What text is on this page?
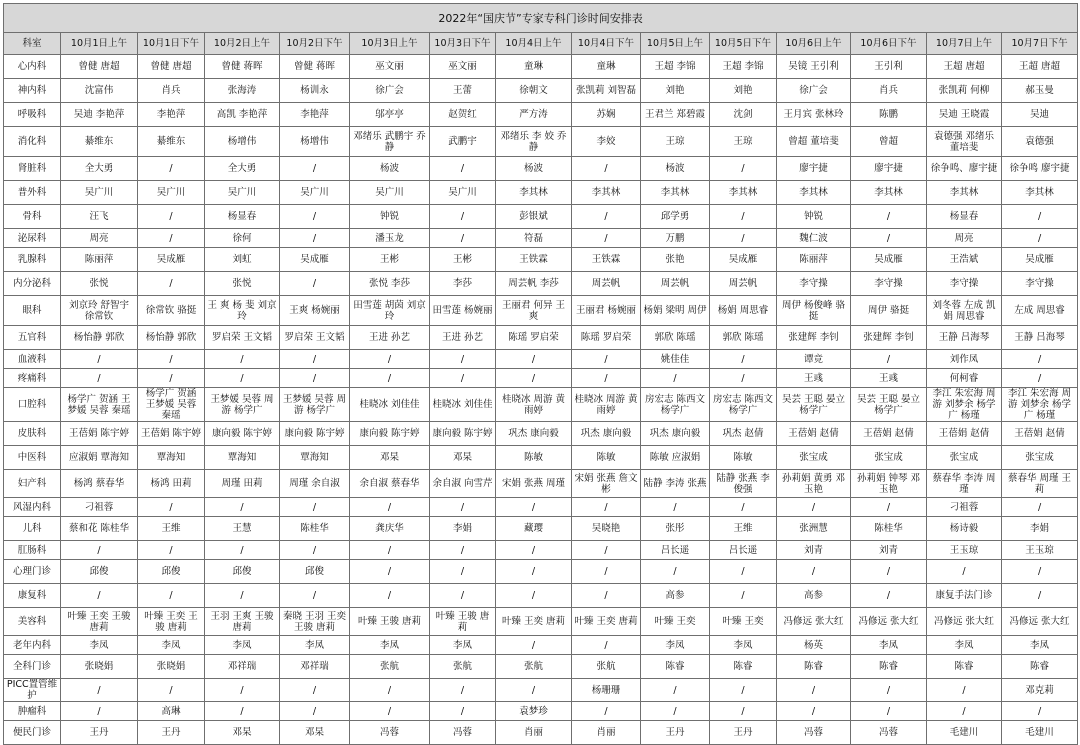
2022年“国庆节”专家专科门诊时间安排表														
科室	10月1日上午	10月1日下午	10月2日上午	10月2日下午	10月3日上午	10月3日下午	10月4日上午	10月4日下午	10月5日上午	10月5日下午	10月6日上午	10月6日下午	10月7日上午	10月7日下午
心内科	曾健 唐超	曾健 唐超	曾健 蒋晖	曾健 蒋晖	巫文丽	巫文丽	童琳	童琳	王超 李锦	王超 李锦	吴镜 王引利	王引利	王超 唐超	王超 唐超
神内科	沈富伟	肖兵	张海涛	杨训永	徐广会	王蕾	徐朝文	张凯莉 刘智磊	刘艳	刘艳	徐广会	肖兵	张凯莉 何柳	郝玉曼
呼吸科	吴迪 李艳萍	李艳萍	高凯 李艳萍	李艳萍	邬亭亭	赵贺红	严方涛	苏娴	王君兰 郑碧霞	沈剑	王月宾 张林玲	陈鹏	吴迪 王晓霞	吴迪
消化科	綦维东	綦维东	杨增伟	杨增伟	邓绪乐 武鹏宇 乔静	武鹏宇	邓绪乐 李 姣 乔静	李姣	王琼	王琼	曾超 董培斐	曾超	袁德强 邓绪乐 董培斐	袁德强
肾脏科	全大勇	/	全大勇	/	杨波	/	杨波	/	杨波	/	廖宇捷	廖宇捷	徐争鸣、廖宇捷	徐争鸣 廖宇捷
普外科	吴广川	吴广川	吴广川	吴广川	吴广川	吴广川	李其林	李其林	李其林	李其林	李其林	李其林	李其林	李其林
骨科	汪飞	/	杨显春	/	钟锐	/	彭银斌	/	邱学勇	/	钟锐	/	杨显春	/
泌尿科	周亮	/	徐何	/	潘玉龙	/	符磊	/	万鹏	/	魏仁波	/	周亮	/
乳腺科	陈丽萍	吴成雁	刘虹	吴成雁	王彬	王彬	王铁霖	王铁霖	张艳	吴成雁	陈丽萍	吴成雁	王浩斌	吴成雁
内分泌科	张悦	/	张悦	/	张悦 李莎	李莎	周芸帆 李莎	周芸帆	周芸帆	周芸帆	李守操	李守操	李守操	李守操
眼科	刘京玲 舒智宇 徐常钦	徐常钦 骆挺	王 爽 杨 斐 刘京玲	王爽 杨婉丽	田雪莲 胡茵 刘京玲	田雪莲 杨婉丽	王丽君 何异 王爽	王丽君 杨婉丽	杨娟 梁明 周伊	杨娟 周思睿	周伊 杨俊峰 骆挺	周伊 骆挺	刘冬蓉 左成 凯娟 周思睿	左成 周思睿
五官科	杨怡静 郭欣	杨怡静 郭欣	罗启荣 王文韬	罗启荣 王文韬	王进 孙艺	王进 孙艺	陈瑶 罗启荣	陈瑶 罗启荣	郭欣 陈瑶	郭欣 陈瑶	张建辉 李钊	张建辉 李钊	王静 吕海琴	王静 吕海琴
血液科	/	/	/	/	/	/	/	/	姚佳佳	/	谭竞	/	刘作凤	/
疼痛科	/	/	/	/	/	/	/	/	/	/	王彧	王彧	何柯睿	/
口腔科	杨学广 贺涵 王梦媛 吴蓉 秦瑶	杨学广 贺涵 王梦媛 吴蓉 秦瑶	王梦媛 吴蓉 周游 杨学广	王梦媛 吴蓉 周游 杨学广	桂晓冰 刘佳佳	桂晓冰 刘佳佳	桂晓冰 周游 黄雨婷	桂晓冰 周游 黄雨婷	房宏志 陈西文 杨学广	房宏志 陈西文 杨学广	吴芸 王聪 晏立 杨学广	吴芸 王聪 晏立 杨学广	李江 朱宏海 周游 刘梦余 杨学广 杨瑾	李江 朱宏海 周游 刘梦余 杨学广 杨瑾
皮肤科	王蓓娟 陈宇婷	王蓓娟 陈宇婷	康向毅 陈宇婷	康向毅 陈宇婷	康向毅 陈宇婷	康向毅 陈宇婷	巩杰 康向毅	巩杰 康向毅	巩杰 康向毅	巩杰 赵倩	王蓓娟 赵倩	王蓓娟 赵倩	王蓓娟 赵倩	王蓓娟 赵倩
中医科	应淑娟 覃海知	覃海知	覃海知	覃海知	邓杲	邓杲	陈敏	陈敏	陈敏 应淑娟	陈敏	张宝成	张宝成	张宝成	张宝成
妇产科	杨鸿 蔡春华	杨鸿 田莉	周瑾 田莉	周瑾 余自淑	余自淑 蔡春华	余自淑 向雪芹	宋娟 张燕 周瑾	宋娟 张燕 詹文彬	陆静 李涛 张燕	陆静 张燕 李俊强	孙莉娟 黄勇 邓玉艳	孙莉娟 钟琴 邓玉艳	蔡春华 李涛 周瑾	蔡春华 周瑾 王莉
风湿内科	刁祖蓉	/	/	/	/	/	/	/	/	/	/	/	刁祖蓉	/
儿科	蔡和花 陈桂华	王维	王慧	陈桂华	龚庆华	李娟	藏璎	吴晓艳	张彤	王维	张洲慧	陈桂华	杨诗毅	李娟
肛肠科	/	/	/	/	/	/	/	/	吕长遥	吕长遥	刘青	刘青	王玉琼	王玉琼
心理门诊	邱俊	邱俊	邱俊	邱俊	/	/	/	/	/	/	/	/	/	/
康复科	/	/	/	/	/	/	/	/	高参	/	高参	/	康复手法门诊	/
美容科	叶臻 王奕 王骏 唐莉	叶臻 王奕 王骏 唐莉	王羽 王爽 王骏 唐莉	秦晓 王羽 王奕 王骏 唐莉	叶臻 王骏 唐莉	叶臻 王骏 唐莉	叶臻 王奕 唐莉	叶臻 王奕 唐莉	叶臻 王奕	叶臻 王奕	冯修远 张大红	冯修远 张大红	冯修远 张大红	冯修远 张大红
老年内科	李凤	李凤	李凤	李凤	李凤	李凤	/	/	李凤	李凤	杨英	李凤	李凤	李凤
全科门诊	张晓娟	张晓娟	邓祥瑞	邓祥瑞	张航	张航	张航	张航	陈睿	陈睿	陈睿	陈睿	陈睿	陈睿
PICC置管维护	/	/	/	/	/	/	/	杨珊珊	/	/	/	/	/	邓克莉
肿瘤科	/	高琳	/	/	/	/	袁梦珍	/	/	/	/	/	/	/
便民门诊	王丹	王丹	邓杲	邓杲	冯蓉	冯蓉	肖丽	肖丽	王丹	王丹	冯蓉	冯蓉	毛建川	毛建川
